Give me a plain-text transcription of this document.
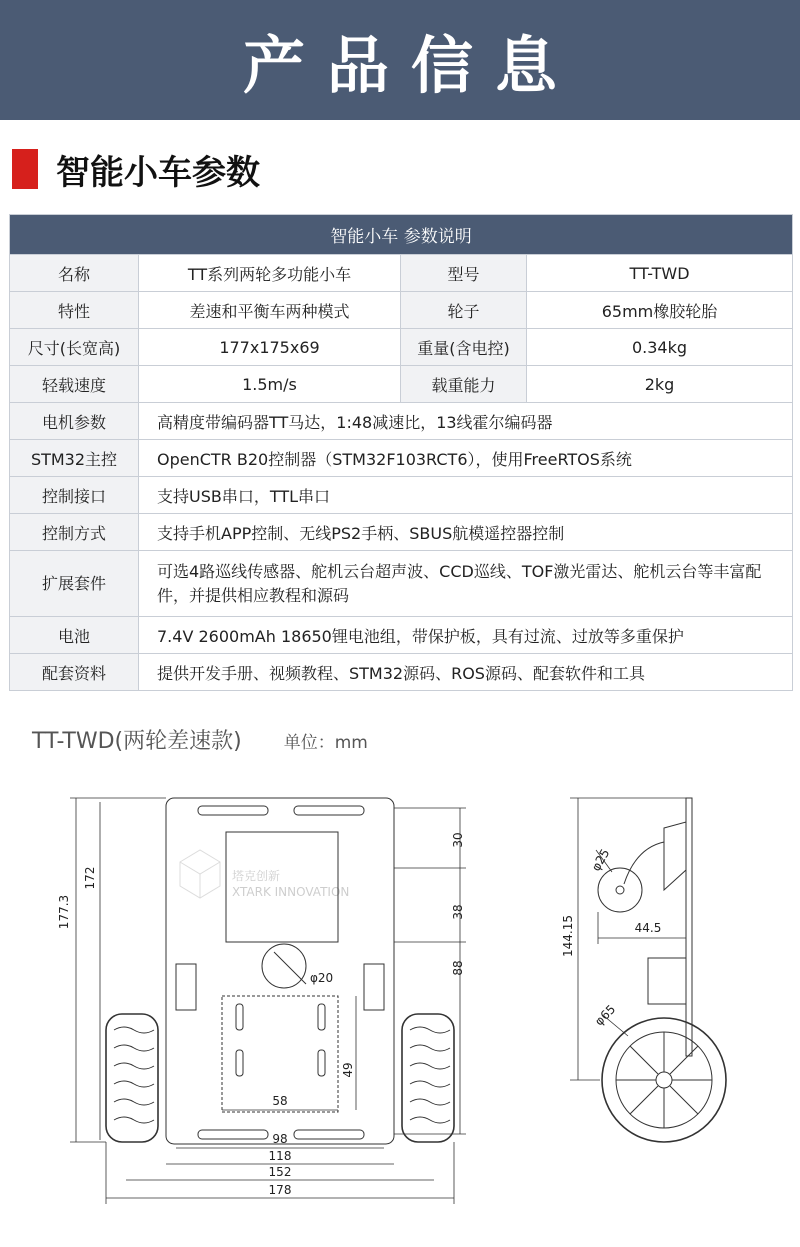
产品信息
智能小车参数
智能小车 参数说明			
名称	TT系列两轮多功能小车	型号	TT-TWD
特性	差速和平衡车两种模式	轮子	65mm橡胶轮胎
尺寸(长宽高)	177x175x69	重量(含电控)	0.34kg
轻载速度	1.5m/s	载重能力	2kg
电机参数	高精度带编码器TT马达，1:48减速比，13线霍尔编码器		
STM32主控	OpenCTR B20控制器（STM32F103RCT6），使用FreeRTOS系统		
控制接口	支持USB串口，TTL串口		
控制方式	支持手机APP控制、无线PS2手柄、SBUS航模遥控器控制		
扩展套件	可选4路巡线传感器、舵机云台超声波、CCD巡线、TOF激光雷达、舵机云台等丰富配件，并提供相应教程和源码		
电池	7.4V 2600mAh 18650锂电池组，带保护板，具有过流、过放等多重保护		
配套资料	提供开发手册、视频教程、STM32源码、ROS源码、配套软件和工具		
TT-TWD(两轮差速款) 单位：mm
塔克创新
XTARK INNOVATION
177.3
172
30
38
88
49
58
98
118
152
178
φ20
144.15	44.5
φ25
φ65
